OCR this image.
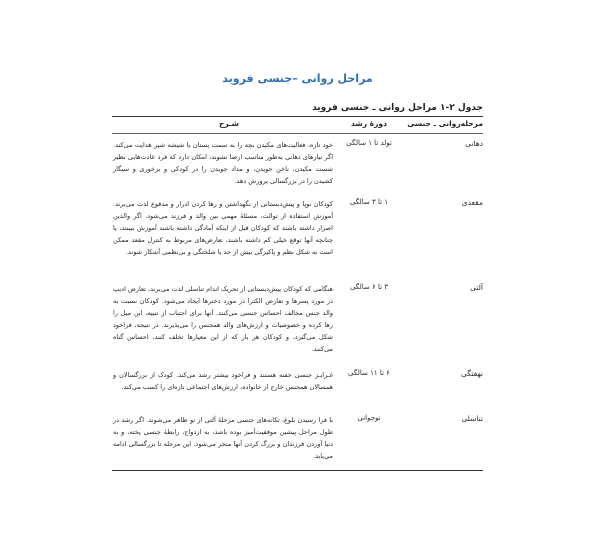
مراحل روانی –جنسی فروید
جدول ۲-۱ مراحل روانی ـ جنسی فروید
مرحله‌روانی ـ جنسی
دورهٔ رشد
شـرح
دهانی
تولد تا ۱ سالگی
خود تازه، فعالیت‌های مکیدن بچه را به سمت پستان یا شیشه شیر هدایت می‌کند. اگر نیازهای دهانی به‌طور مناسب ارضا نشوند، امکان دارد که فرد عادت‌هایی نظیر شست مکیدن، ناخن جویدن، و مداد جویدن را در کودکی و برخوری و سیگار کشیدن را در بزرگسالی پرورش دهد.
مقعدی
۱ تا ۳ سالگی
کودکان نوپا و پیش‌دبستانی از نگهداشتن و رها کردن ادرار و مدفوع لذت می‌برند. آموزش استفاده از توالت، مسئلهٔ مهمی بین والد و فرزند می‌شود. اگر والدین اصرار داشته باشند که کودکان قبل از اینکه آمادگی داشته باشند آموزش ببینند، یا چنانچه آنها توقع خیلی کم داشته باشند، تعارض‌های مربوط به کنترل مقعد ممکن است به شکل نظم و پاکیزگی بیش از حد یا شلختگی و بی‌نظمی آشکار شوند.
آلتی
۳ تا ۶ سالگی
هنگامی که کودکان پیش‌دبستانی از تحریک اندام تناسلی لذت می‌برند، تعارض ادیپ در مورد پسرها و تعارض الکترا در مورد دخترها ایجاد می‌شود. کودکان نسبت به والد جنس مخالف احساس جنسی می‌کنند. آنها برای اجتناب از تنبیه، این میل را رها کرده و خصوصیات و ارزش‌های والد همجنس را می‌پذیرند. در نتیجه، فراخود شکل می‌گیرد، و کودکان هر بار که از این معیارها تخلف کنند، احساس گناه می‌کنند.
نهفتگی
۶ تا ۱۱ سالگی
غـرایـز جنسی خفته هستند و فراخود بیشتر رشد می‌کند. کودک از بزرگسالان و همسالان همجنس خارج از خانواده، ارزش‌های اجتماعی تازه‌ای را کسب می‌کند.
تناسلی
نوجوانی
با فرا رسیدن بلوغ، تکانه‌های جنسی مرحلهٔ آلتی از نو ظاهر می‌شوند. اگر رشد در طول مراحل پیشین موفقیت‌آمیز بوده باشد، به ازدواج، رابطهٔ جنسی پخته، و به دنیا آوردن فرزندان و بزرگ کردن آنها منجر می‌شود. این مرحله تا بزرگسالی ادامه می‌یابد.
